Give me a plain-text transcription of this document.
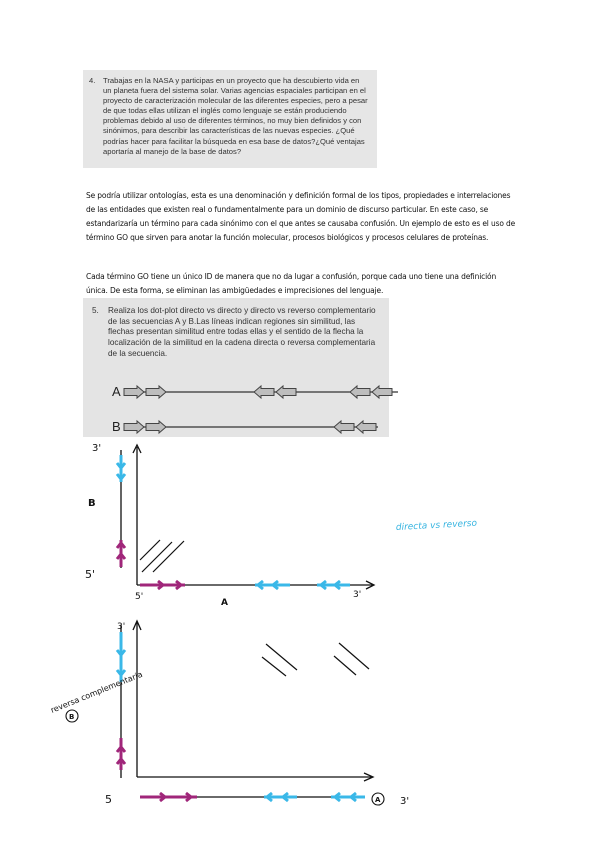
4.	Trabajas en la NASA y participas en un proyecto que ha descubierto vida en un planeta fuera del sistema solar. Varias agencias espaciales participan en el proyecto de caracterización molecular de las diferentes especies, pero a pesar de que todas ellas utilizan el inglés como lenguaje se están produciendo problemas debido al uso de diferentes términos, no muy bien definidos y con sinónimos, para describir las características de las nuevas especies. ¿Qué podrías hacer para facilitar la búsqueda en esa base de datos?¿Qué ventajas aportaría al manejo de la base de datos?

Se podría utilizar ontologías, esta es una denominación y definición formal de los tipos, propiedades e interrelaciones de las entidades que existen real o fundamentalmente para un dominio de discurso particular. En este caso, se estandarizaría un término para cada sinónimo con el que antes se causaba confusión. Un ejemplo de esto es el uso de término GO que sirven para anotar la función molecular, procesos biológicos y procesos celulares de proteínas.

Cada término GO tiene un único ID de manera que no da lugar a confusión, porque cada uno tiene una definición única. De esta forma, se eliminan las ambigüedades e imprecisiones del lenguaje.

5.	Realiza los dot-plot directo vs directo y directo vs reverso complementario de las secuencias A y B.Las líneas indican regiones sin similitud, las flechas presentan similitud entre todas ellas y el sentido de la flecha la localización de la similitud en la cadena directa o reversa complementaria de la secuencia.

A
B
3'
B
5'
5'
A
3'
directa vs reverso
3'
reversa complementaria
B
5	A 3'
